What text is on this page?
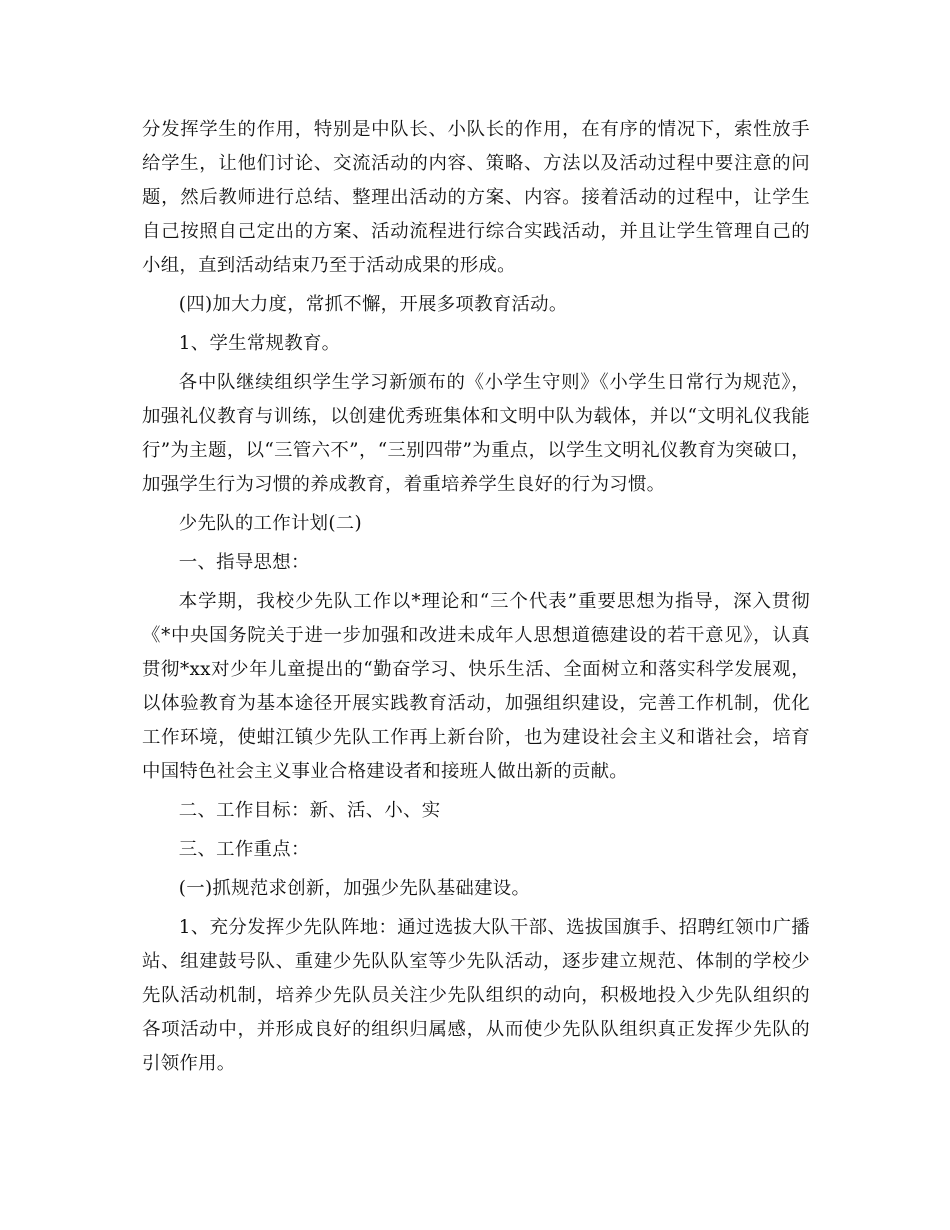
分发挥学生的作用，特别是中队长、小队长的作用，在有序的情况下，索性放手给学生，让他们讨论、交流活动的内容、策略、方法以及活动过程中要注意的问题，然后教师进行总结、整理出活动的方案、内容。接着活动的过程中，让学生自己按照自己定出的方案、活动流程进行综合实践活动，并且让学生管理自己的小组，直到活动结束乃至于活动成果的形成。

(四)加大力度，常抓不懈，开展多项教育活动。

1、学生常规教育。

各中队继续组织学生学习新颁布的《小学生守则》《小学生日常行为规范》，加强礼仪教育与训练，以创建优秀班集体和文明中队为载体，并以“文明礼仪我能行”为主题，以“三管六不”，“三别四带”为重点，以学生文明礼仪教育为突破口，加强学生行为习惯的养成教育，着重培养学生良好的行为习惯。

少先队的工作计划(二)

一、指导思想：

本学期，我校少先队工作以*理论和“三个代表”重要思想为指导，深入贯彻《*中央国务院关于进一步加强和改进未成年人思想道德建设的若干意见》，认真贯彻*xx对少年儿童提出的“勤奋学习、快乐生活、全面树立和落实科学发展观，以体验教育为基本途径开展实践教育活动，加强组织建设，完善工作机制，优化工作环境，使蚶江镇少先队工作再上新台阶，也为建设社会主义和谐社会，培育中国特色社会主义事业合格建设者和接班人做出新的贡献。

二、工作目标：新、活、小、实

三、工作重点：

(一)抓规范求创新，加强少先队基础建设。

1、充分发挥少先队阵地：通过选拔大队干部、选拔国旗手、招聘红领巾广播站、组建鼓号队、重建少先队队室等少先队活动，逐步建立规范、体制的学校少先队活动机制，培养少先队员关注少先队组织的动向，积极地投入少先队组织的各项活动中，并形成良好的组织归属感，从而使少先队队组织真正发挥少先队的引领作用。
